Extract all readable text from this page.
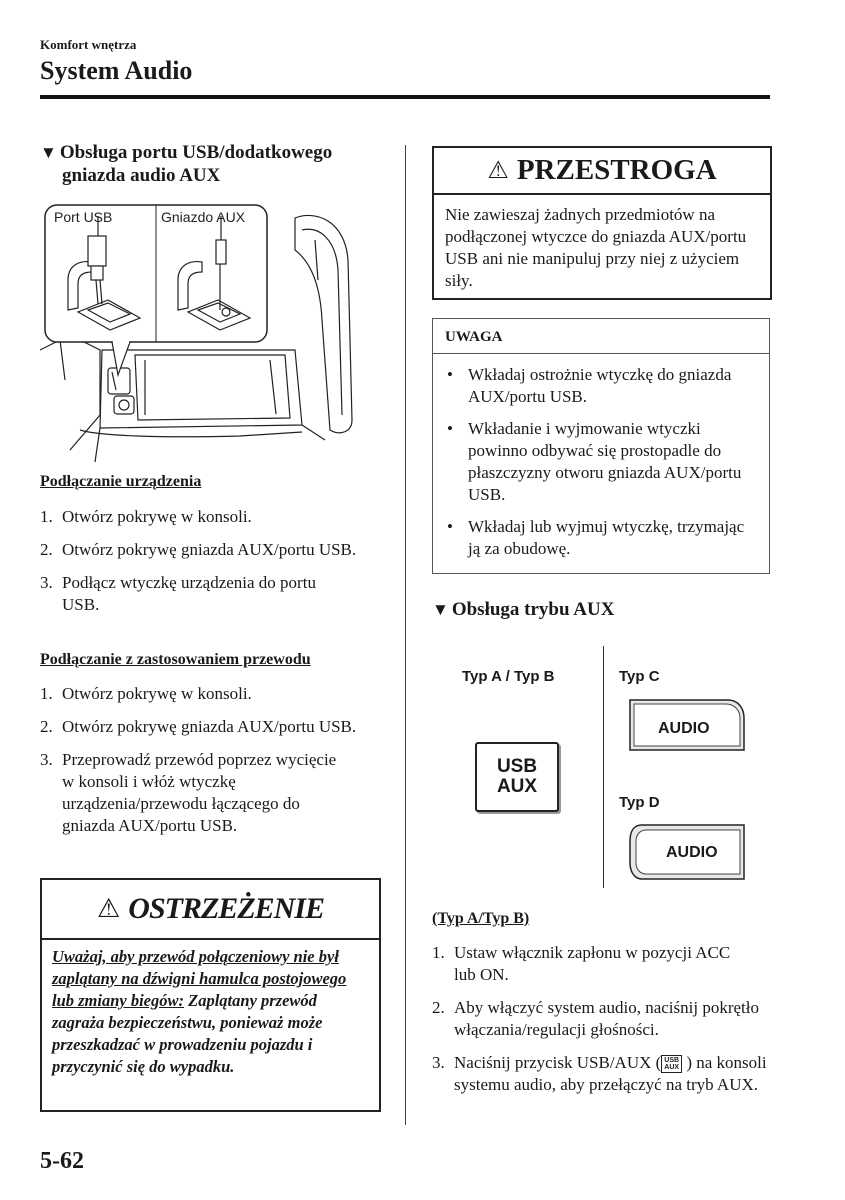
Komfort wnętrza
System Audio
▼ Obsługa portu USB/dodatkowego
gniazda audio AUX
Port USB	Gniazdo AUX
Podłączanie urządzenia
1. Otwórz pokrywę w konsoli.
2. Otwórz pokrywę gniazda AUX/portu USB.
3. Podłącz wtyczkę urządzenia do portu USB.
Podłączanie z zastosowaniem przewodu
1. Otwórz pokrywę w konsoli.
2. Otwórz pokrywę gniazda AUX/portu USB.
3. Przeprowadź przewód poprzez wycięcie w konsoli i włóż wtyczkę urządzenia/przewodu łączącego do gniazda AUX/portu USB.
⚠ OSTRZEŻENIE
Uważaj, aby przewód połączeniowy nie był zaplątany na dźwigni hamulca postojowego lub zmiany biegów: Zaplątany przewód zagraża bezpieczeństwu, ponieważ może przeszkadzać w prowadzeniu pojazdu i przyczynić się do wypadku.
⚠ PRZESTROGA
Nie zawieszaj żadnych przedmiotów na podłączonej wtyczce do gniazda AUX/portu USB ani nie manipuluj przy niej z użyciem siły.
UWAGA
• Wkładaj ostrożnie wtyczkę do gniazda AUX/portu USB.
• Wkładanie i wyjmowanie wtyczki powinno odbywać się prostopadle do płaszczyzny otworu gniazda AUX/portu USB.
• Wkładaj lub wyjmuj wtyczkę, trzymając ją za obudowę.
▼ Obsługa trybu AUX
Typ A / Typ B	Typ C
Typ D
USB
AUX
AUDIO
AUDIO
(Typ A/Typ B)
1. Ustaw włącznik zapłonu w pozycji ACC lub ON.
2. Aby włączyć system audio, naciśnij pokrętło włączania/regulacji głośności.
3. Naciśnij przycisk USB/AUX ( USB
AUX ) na konsoli systemu audio, aby przełączyć na tryb AUX.
5-62
